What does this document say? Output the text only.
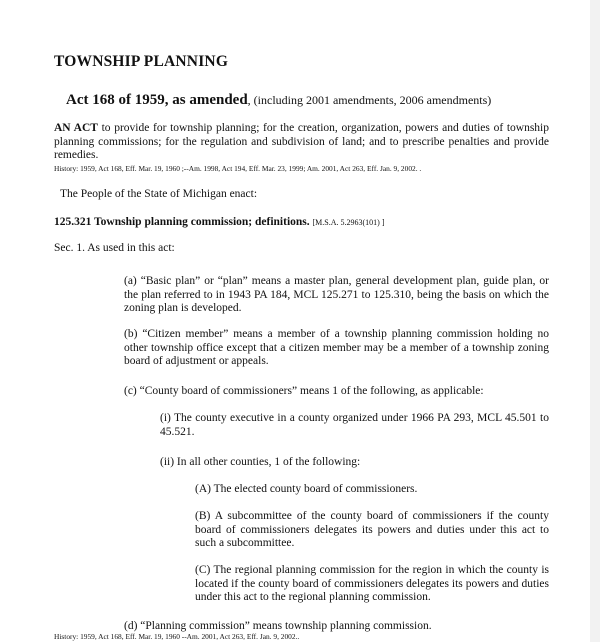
TOWNSHIP PLANNING
Act 168 of 1959, as amended, (including 2001 amendments, 2006 amendments)
AN ACT to provide for township planning; for the creation, organization, powers and duties of township planning commissions; for the regulation and subdivision of land; and to prescribe penalties and provide remedies.
History: 1959, Act 168, Eff. Mar. 19, 1960 ;--Am. 1998, Act 194, Eff. Mar. 23, 1999; Am. 2001, Act 263, Eff. Jan. 9, 2002. .
The People of the State of Michigan enact:
125.321 Township planning commission; definitions. [M.S.A. 5.2963(101) ]
Sec. 1. As used in this act:
(a) “Basic plan” or “plan” means a master plan, general development plan, guide plan, or the plan referred to in 1943 PA 184, MCL 125.271 to 125.310, being the basis on which the zoning plan is developed.
(b) “Citizen member” means a member of a township planning commission holding no other township office except that a citizen member may be a member of a township zoning board of adjustment or appeals.
(c) “County board of commissioners” means 1 of the following, as applicable:
(i) The county executive in a county organized under 1966 PA 293, MCL 45.501 to 45.521.
(ii) In all other counties, 1 of the following:
(A) The elected county board of commissioners.
(B) A subcommittee of the county board of commissioners if the county board of commissioners delegates its powers and duties under this act to such a subcommittee.
(C) The regional planning commission for the region in which the county is located if the county board of commissioners delegates its powers and duties under this act to the regional planning commission.
(d) “Planning commission” means township planning commission.
History: 1959, Act 168, Eff. Mar. 19, 1960 --Am. 2001, Act 263, Eff. Jan. 9, 2002..
